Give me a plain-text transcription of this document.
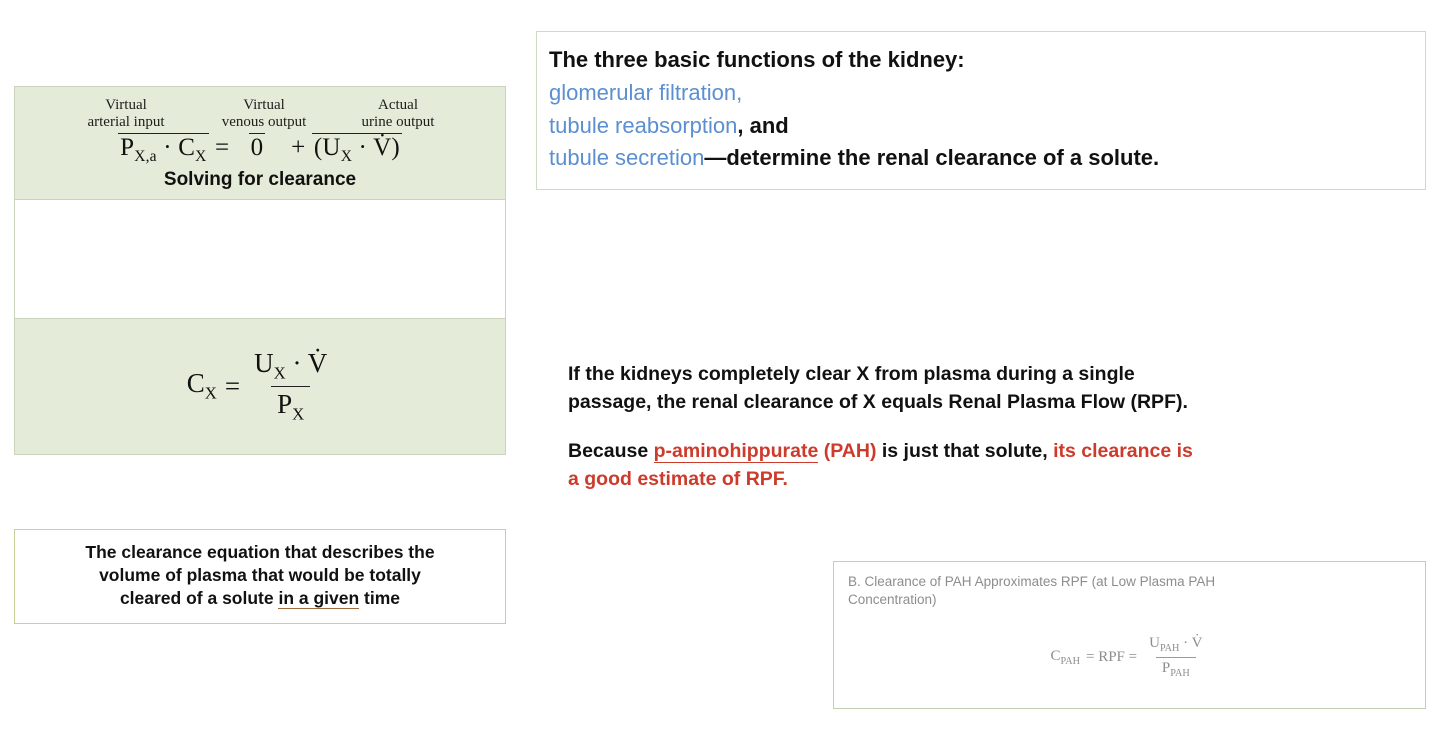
Virtual
arterial input
Virtual
venous output
Actual
urine output
$P_{X,a} \cdot C_X = 0 + (U_X$ · V̇)
Solving for clearance
$C_X = \frac{U_X \cdot V̇}{P_X}$
The clearance equation that describes the
volume of plasma that would be totally
cleared of a solute in a given time
The three basic functions of the kidney:
glomerular filtration,
tubule reabsorption, and
tubule secretion—determine the renal clearance of a solute.
If the kidneys completely clear X from plasma during a single
passage, the renal clearance of X equals Renal Plasma Flow (RPF).
Because p-aminohippurate (PAH) is just that solute, its clearance is
a good estimate of RPF.
B. Clearance of PAH Approximates RPF (at Low Plasma PAH
Concentration)
$C_{PAH}$ = RPF = $\frac{U_{PAH} \cdot V̇}{P_{PAH}}$
